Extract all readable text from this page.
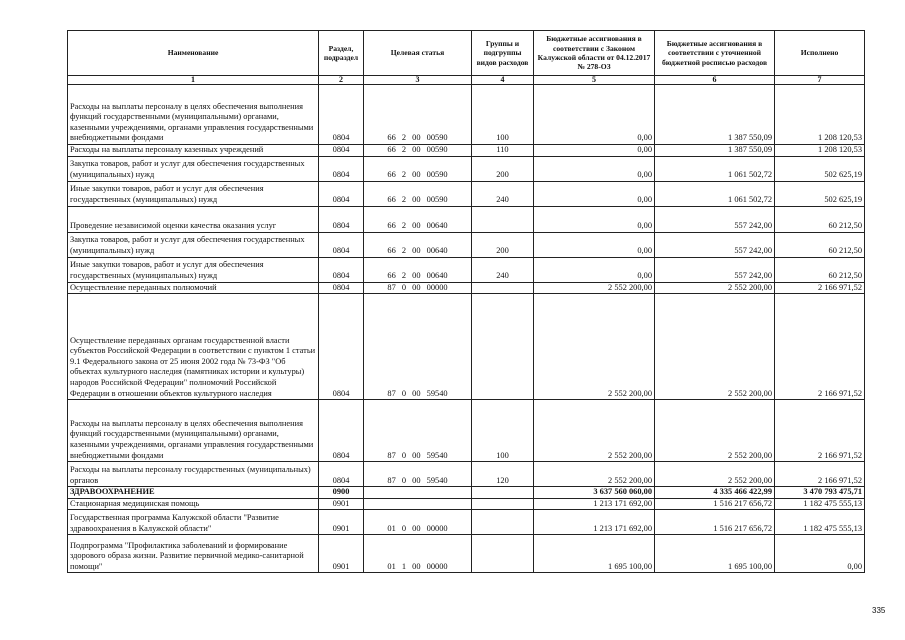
Наименование	Раздел, подраздел	Целевая статья	Группы и подгруппы видов расходов	Бюджетные ассигнования в соответствии с Законом Калужской области от 04.12.2017 № 278-ОЗ	Бюджетные ассигнования в соответствии с уточненной бюджетной росписью расходов	Исполнено
1	2	3	4	5	6	7
Расходы на выплаты персоналу в целях обеспечения выполнения функций государственными (муниципальными) органами, казенными учреждениями, органами управления государственными внебюджетными фондами	0804	66 2 00 00590	100	0,00	1 387 550,09	1 208 120,53
Расходы на выплаты персоналу казенных учреждений	0804	66 2 00 00590	110	0,00	1 387 550,09	1 208 120,53
Закупка товаров, работ и услуг для обеспечения государственных (муниципальных) нужд	0804	66 2 00 00590	200	0,00	1 061 502,72	502 625,19
Иные закупки товаров, работ и услуг для обеспечения государственных (муниципальных) нужд	0804	66 2 00 00590	240	0,00	1 061 502,72	502 625,19
Проведение независимой оценки качества оказания услуг	0804	66 2 00 00640		0,00	557 242,00	60 212,50
Закупка товаров, работ и услуг для обеспечения государственных (муниципальных) нужд	0804	66 2 00 00640	200	0,00	557 242,00	60 212,50
Иные закупки товаров, работ и услуг для обеспечения государственных (муниципальных) нужд	0804	66 2 00 00640	240	0,00	557 242,00	60 212,50
Осуществление переданных полномочий	0804	87 0 00 00000		2 552 200,00	2 552 200,00	2 166 971,52
Осуществление переданных органам государственной власти субъектов Российской Федерации в соответствии с пунктом 1 статьи 9.1 Федерального закона от 25 июня 2002 года № 73-ФЗ "Об объектах культурного наследия (памятниках истории и культуры) народов Российской Федерации" полномочий Российской Федерации в отношении объектов культурного наследия	0804	87 0 00 59540		2 552 200,00	2 552 200,00	2 166 971,52
Расходы на выплаты персоналу в целях обеспечения выполнения функций государственными (муниципальными) органами, казенными учреждениями, органами управления государственными внебюджетными фондами	0804	87 0 00 59540	100	2 552 200,00	2 552 200,00	2 166 971,52
Расходы на выплаты персоналу государственных (муниципальных) органов	0804	87 0 00 59540	120	2 552 200,00	2 552 200,00	2 166 971,52
ЗДРАВООХРАНЕНИЕ	0900			3 637 560 060,00	4 335 466 422,99	3 470 793 475,71
Стационарная медицинская помощь	0901			1 213 171 692,00	1 516 217 656,72	1 182 475 555,13
Государственная программа Калужской области "Развитие здравоохранения в Калужской области"	0901	01 0 00 00000		1 213 171 692,00	1 516 217 656,72	1 182 475 555,13
Подпрограмма "Профилактика заболеваний и формирование здорового образа жизни. Развитие первичной медико-санитарной помощи"	0901	01 1 00 00000		1 695 100,00	1 695 100,00	0,00
335
